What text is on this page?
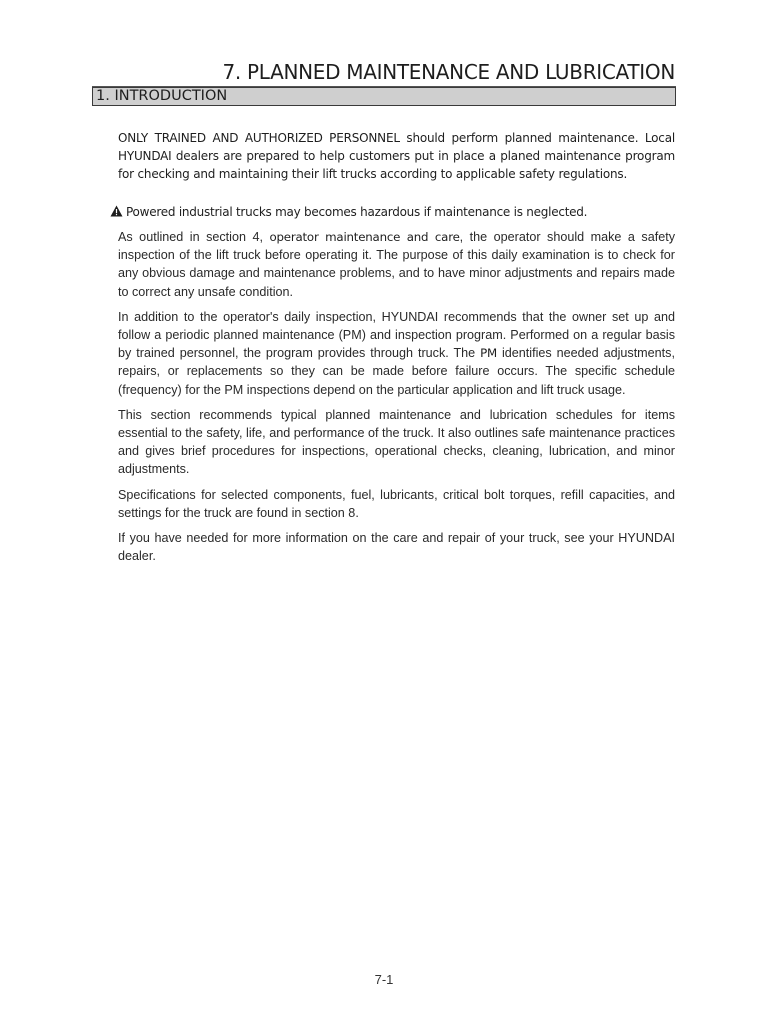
7. PLANNED MAINTENANCE AND LUBRICATION
1. INTRODUCTION
ONLY TRAINED AND AUTHORIZED PERSONNEL should perform planned maintenance. Local HYUNDAI dealers are prepared to help customers put in place a planed maintenance program for checking and maintaining their lift trucks according to applicable safety regulations.
Powered industrial trucks may becomes hazardous if maintenance is neglected.

As outlined in section 4, operator maintenance and care, the operator should make a safety inspection of the lift truck before operating it. The purpose of this daily examination is to check for any obvious damage and maintenance problems, and to have minor adjustments and repairs made to correct any unsafe condition.

In addition to the operator's daily inspection, HYUNDAI recommends that the owner set up and follow a periodic planned maintenance (PM) and inspection program. Performed on a regular basis by trained personnel, the program provides through truck. The PM identifies needed adjustments, repairs, or replacements so they can be made before failure occurs. The specific schedule (frequency) for the PM inspections depend on the particular application and lift truck usage.

This section recommends typical planned maintenance and lubrication schedules for items essential to the safety, life, and performance of the truck. It also outlines safe maintenance practices and gives brief procedures for inspections, operational checks, cleaning, lubrication, and minor adjustments.

Specifications for selected components, fuel, lubricants, critical bolt torques, refill capacities, and settings for the truck are found in section 8.

If you have needed for more information on the care and repair of your truck, see your HYUNDAI dealer.

7-1
